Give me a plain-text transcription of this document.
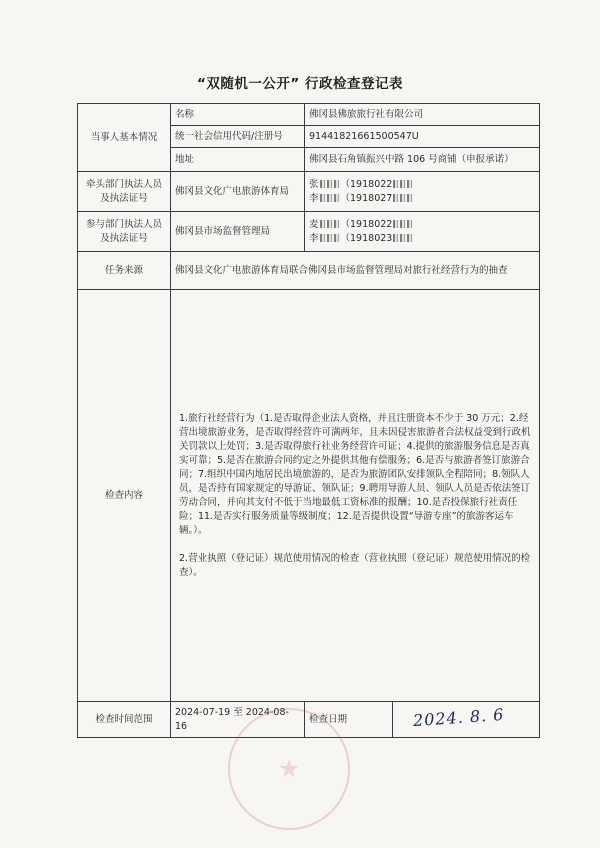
“双随机一公开” 行政检查登记表
当事人基本情况	名称	佛冈县佛旅旅行社有限公司	
	统一社会信用代码/注册号	91441821661500547U	
	地址	佛冈县石角镇振兴中路 106 号商铺（申报承诺）	
牵头部门执法人员及执法证号	佛冈县文化广电旅游体育局	张 （1918022
李 （1918027	

参与部门执法人员及执法证号	佛冈县市场监督管理局	麦 （1918022
李 （1918023	

任务来源	佛冈县文化广电旅游体育局联合佛冈县市场监督管理局对旅行社经营行为的抽查		
检查内容	1.旅行社经营行为（1.是否取得企业法人资格，并且注册资本不少于 30 万元；2.经营出境旅游业务，是否取得经营许可满两年，且未因侵害旅游者合法权益受到行政机关罚款以上处罚；3.是否取得旅行社业务经营许可证；4.提供的旅游服务信息是否真实可靠；5.是否在旅游合同约定之外提供其他有偿服务；6.是否与旅游者签订旅游合同；7.组织中国内地居民出境旅游的，是否为旅游团队安排领队全程陪同；8.领队人员，是否持有国家规定的导游证、领队证；9.聘用导游人员、领队人员是否依法签订劳动合同，并向其支付不低于当地最低工资标准的报酬；10.是否投保旅行社责任险；11.是否实行服务质量等级制度；12.是否提供设置“导游专座”的旅游客运车辆。）。

2.营业执照（登记证）规范使用情况的检查（营业执照（登记证）规范使用情况的检查）。		

检查时间范围	2024-07-19 至 2024-08-16	检查日期	2024. 8. 6
